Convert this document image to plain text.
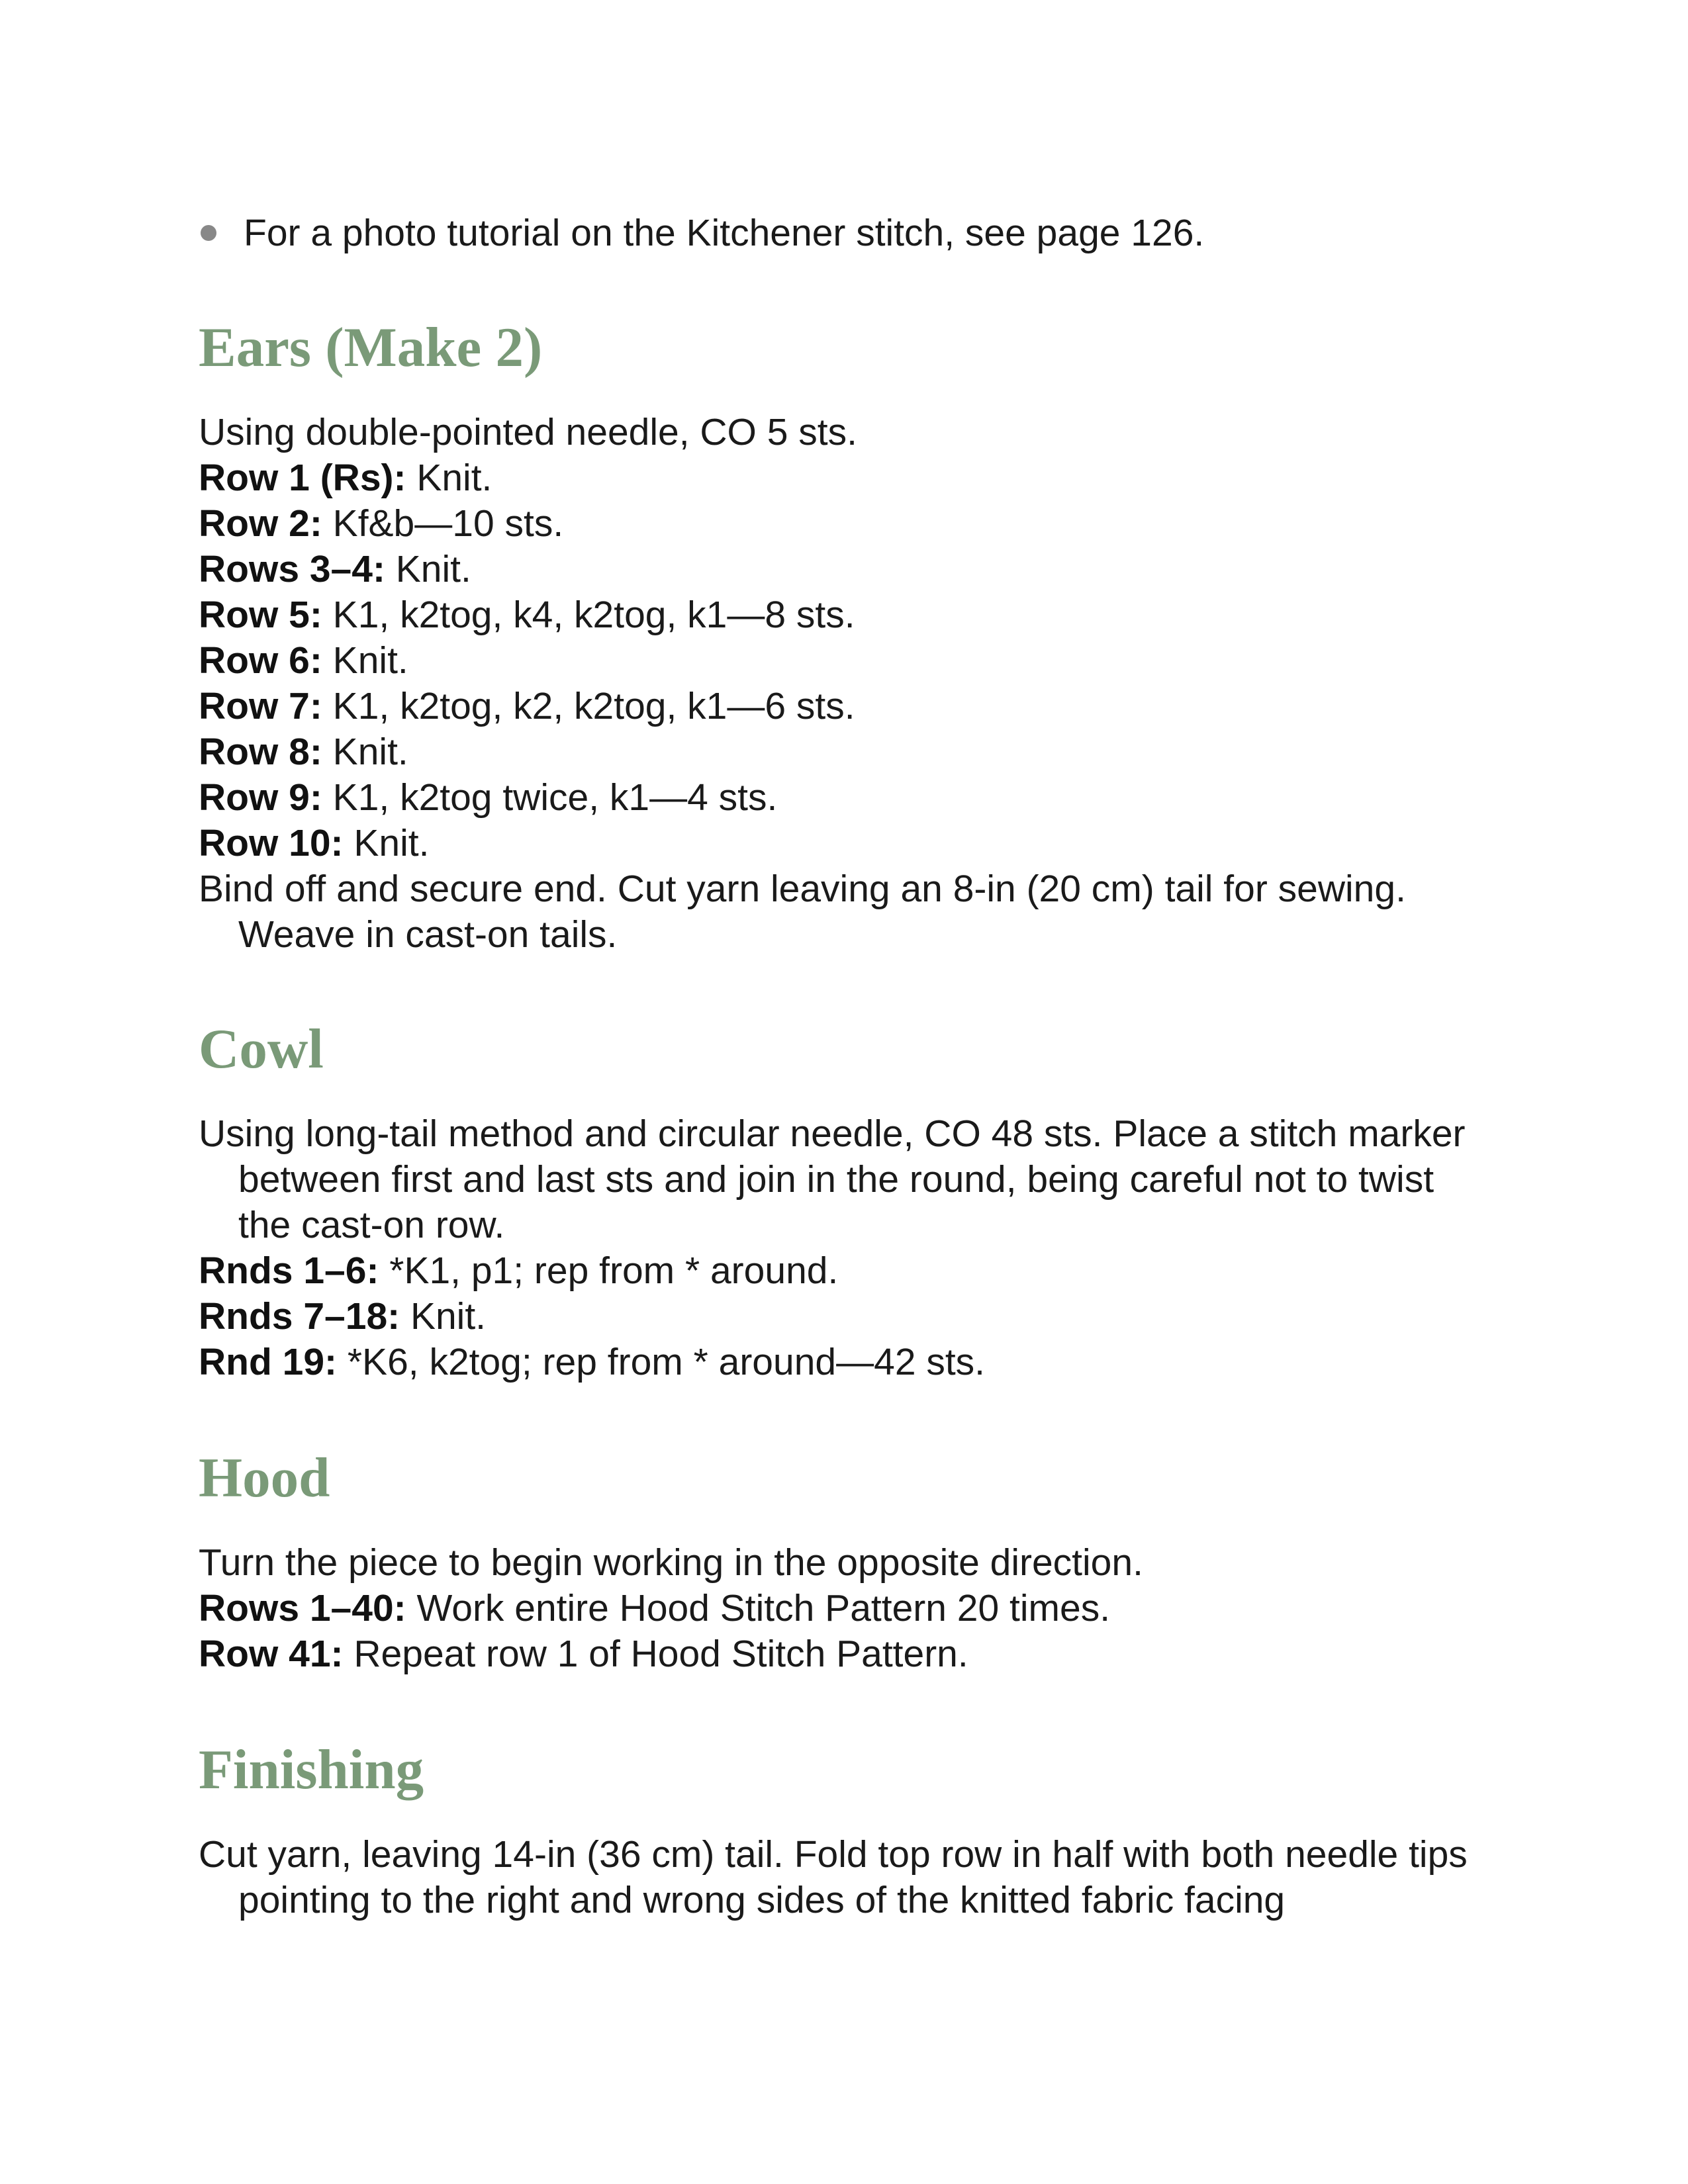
For a photo tutorial on the Kitchener stitch, see page 126.
Ears (Make 2)

Using double-pointed needle, CO 5 sts.

Row 1 (Rs): Knit.

Row 2: Kf&b—10 sts.

Rows 3–4: Knit.

Row 5: K1, k2tog, k4, k2tog, k1—8 sts.

Row 6: Knit.

Row 7: K1, k2tog, k2, k2tog, k1—6 sts.

Row 8: Knit.

Row 9: K1, k2tog twice, k1—4 sts.

Row 10: Knit.

Bind off and secure end. Cut yarn leaving an 8-in (20 cm) tail for sewing. Weave in cast-on tails.

Cowl

Using long-tail method and circular needle, CO 48 sts. Place a stitch marker between first and last sts and join in the round, being careful not to twist the cast-on row.

Rnds 1–6: *K1, p1; rep from * around.

Rnds 7–18: Knit.

Rnd 19: *K6, k2tog; rep from * around—42 sts.

Hood

Turn the piece to begin working in the opposite direction.

Rows 1–40: Work entire Hood Stitch Pattern 20 times.

Row 41: Repeat row 1 of Hood Stitch Pattern.

Finishing

Cut yarn, leaving 14-in (36 cm) tail. Fold top row in half with both needle tips pointing to the right and wrong sides of the knitted fabric facing
